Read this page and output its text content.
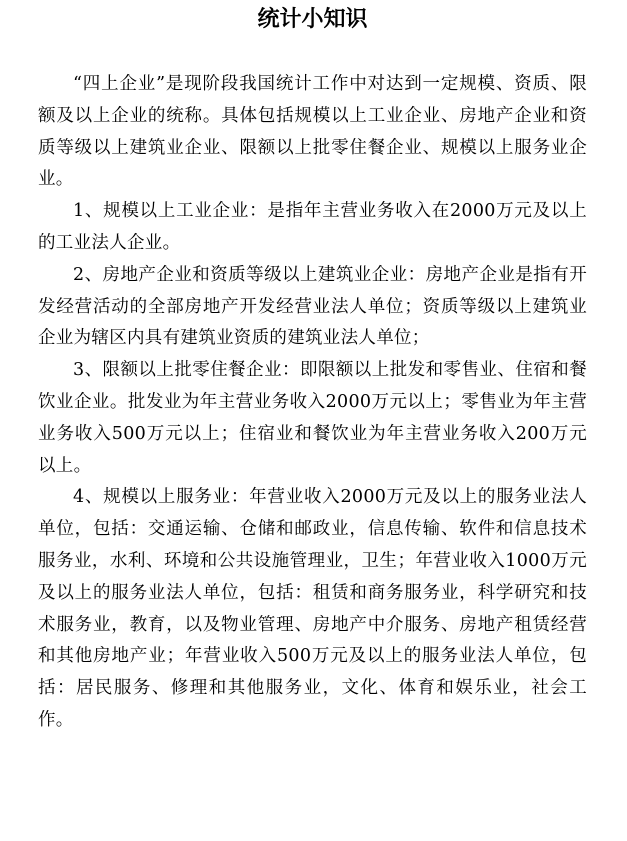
统计小知识

“四上企业”是现阶段我国统计工作中对达到一定规模、资质、限额及以上企业的统称。具体包括规模以上工业企业、房地产企业和资质等级以上建筑业企业、限额以上批零住餐企业、规模以上服务业企业。

1、规模以上工业企业：是指年主营业务收入在2000万元及以上的工业法人企业。

2、房地产企业和资质等级以上建筑业企业：房地产企业是指有开发经营活动的全部房地产开发经营业法人单位；资质等级以上建筑业企业为辖区内具有建筑业资质的建筑业法人单位；

3、限额以上批零住餐企业：即限额以上批发和零售业、住宿和餐饮业企业。批发业为年主营业务收入2000万元以上；零售业为年主营业务收入500万元以上；住宿业和餐饮业为年主营业务收入200万元以上。

4、规模以上服务业：年营业收入2000万元及以上的服务业法人单位，包括：交通运输、仓储和邮政业，信息传输、软件和信息技术服务业，水利、环境和公共设施管理业，卫生；年营业收入1000万元及以上的服务业法人单位，包括：租赁和商务服务业，科学研究和技术服务业，教育，以及物业管理、房地产中介服务、房地产租赁经营和其他房地产业；年营业收入500万元及以上的服务业法人单位，包括：居民服务、修理和其他服务业，文化、体育和娱乐业，社会工作。
